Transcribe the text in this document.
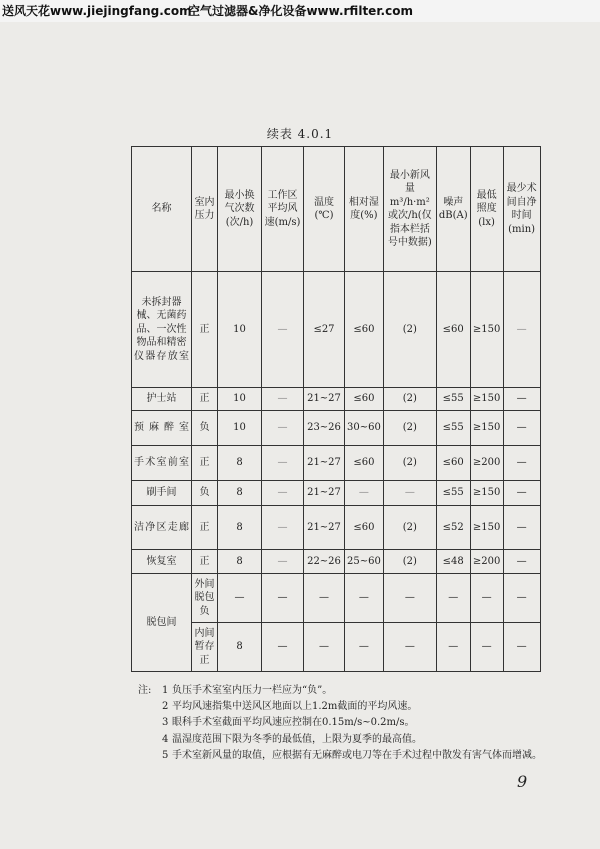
送风天花www.jiejingfang.com
空气过滤器&净化设备www.rfilter.com
续表 4.0.1
名称	室内压力	最小换气次数(次/h)	工作区平均风速(m/s)	温度(℃)	相对湿度(%)	最小新风量m³/h·m²或次/h(仅指本栏括号中数据)	噪声dB(A)	最低照度(lx)	最少术间自净时间(min)
未拆封器械、无菌药品、一次性物品和精密仪器存放室	正	10	—	≤27	≤60	(2)	≤60	≥150	—
护士站	正	10	—	21~27	≤60	(2)	≤55	≥150	—
预麻醉室	负	10	—	23~26	30~60	(2)	≤55	≥150	—
手术室前室	正	8	—	21~27	≤60	(2)	≤60	≥200	—
刷手间	负	8	—	21~27	—	—	≤55	≥150	—
洁净区走廊	正	8	—	21~27	≤60	(2)	≤52	≥150	—
恢复室	正	8	—	22~26	25~60	(2)	≤48	≥200	—
脱包间	外间脱包负	—	—	—	—	—	—	—	—
	内间暂存正	8	—	—	—	—	—	—	—
注: 1 负压手术室室内压力一栏应为“负”。
2 平均风速指集中送风区地面以上1.2m截面的平均风速。
3 眼科手术室截面平均风速应控制在0.15m/s~0.2m/s。
4 温湿度范围下限为冬季的最低值，上限为夏季的最高值。
5 手术室新风量的取值，应根据有无麻醉或电刀等在手术过程中散发有害气体而增减。
9
